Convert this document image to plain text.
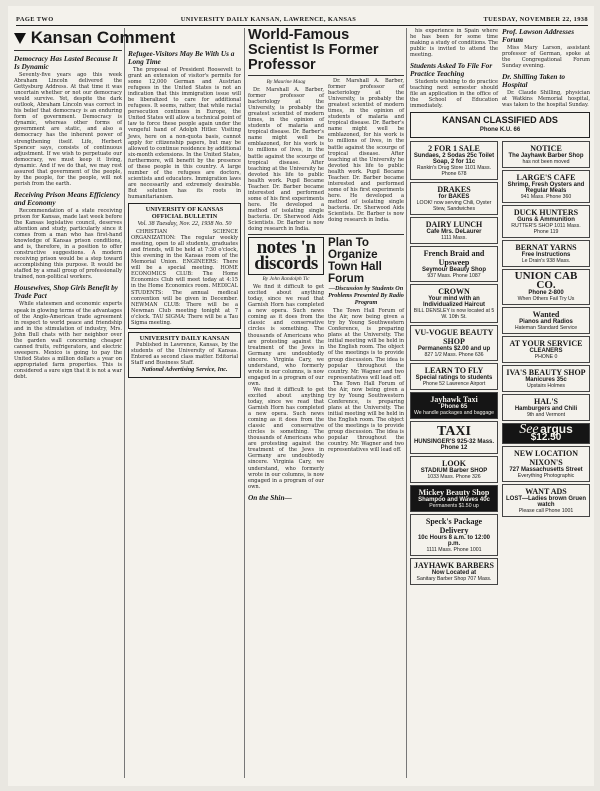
PAGE TWO	UNIVERSITY DAILY KANSAN, LAWRENCE, KANSAS	TUESDAY, NOVEMBER 22, 1938
Kansan Comment
Democracy Has Lasted Because It Is Dynamic

Seventy-five years ago this week Abraham Lincoln delivered the Gettysburg Address. At that time it was uncertain whether or not our democracy would survive. Yet, despite the dark outlook, Abraham Lincoln was correct in his belief that democracy is an enduring form of government. Democracy is dynamic, whereas other forms of government are static, and also a democracy has the inherent power of strengthening itself. Life, Herbert Spencer says, consists of continuous adjustment. If we wish to perpetuate our democracy, we must keep it living, dynamic. And if we do that, we may rest assured that government of the people, by the people, for the people, will not perish from the earth.

Receiving Prison Means Efficiency and Economy

Recommendation of a state receiving prison for Kansas, made last week before the Kansas legislative council, deserves attention and study, particularly since it comes from a man who has first-hand knowledge of Kansas prison conditions, and is, therefore, in a position to offer constructive suggestions. A modern receiving prison would be a step toward accomplishing this purpose. It would be staffed by a small group of professionally trained, non-political workers.

Housewives, Shop Girls Benefit by Trade Pact

While statesmen and economic experts speak in glowing terms of the advantages of the Anglo-American trade agreement in respect to world peace and friendship and in the stimulation of industry, Mrs. John Bull chats with her neighbor over the garden wall concerning cheaper canned fruits, refrigerators, and electric sweepers. Mexico is going to pay the United States a million dollars a year on appropriated farm properties. This is considered a sure sign that it is not a war debt.

Refugee-Visitors May Be With Us a Long Time

The proposal of President Roosevelt to grant an extension of visitor's permits for some 12,000 German and Austrian refugees in the United States is not an indication that this immigration issue will be liberalized to care for additional refugees. It seems, rather, that while racial persecution continues in Europe, the United States will allow a technical point of law to force these people again under the vengeful hand of Adolph Hitler. Visiting Jews, here on a non-quota basis, cannot apply for citizenship papers, but may be allowed to continue residence by additional six-month extensions. In the United States, furthermore, will benefit by the presence of these people in this country. A large number of the refugees are doctors, scientists and educators. Immigration laws are necessarily and extremely desirable. But solution has its roots in humanitarianism.

UNIVERSITY OF KANSAS OFFICIAL BULLETIN
Vol. 38 Tuesday, Nov. 22, 1938 No. 50

CHRISTIAN SCIENCE ORGANIZATION: The regular weekly meeting, open to all students, graduates and friends, will be held at 7:30 o'clock, this evening in the Kansas room of the Memorial Union. ENGINEERS: There will be a special meeting. HOME ECONOMICS CLUB: The Home Economics Club will meet today at 4:15 in the Home Economics room. MEDICAL STUDENTS: The annual medical convention will be given in December. NEWMAN CLUB: There will be a Newman Club meeting tonight at 7 o'clock. TAU SIGMA: There will be a Tau Sigma meeting.

UNIVERSITY DAILY KANSAN

Published in Lawrence, Kansas, by the students of the University of Kansas. Entered as second class matter. Editorial Staff and Business Staff.

National Advertising Service, Inc.
World-Famous Scientist Is Former Professor
By Maurine Maag

Dr. Marshall A. Barber, former professor of bacteriology at the University, is probably the greatest scientist of modern times, in the opinion of students of malaria and tropical disease. Dr. Barber's name might well be emblazoned, for his work is to millions of lives, in the battle against the scourge of tropical disease. After teaching at the University he devoted his life to public health work. Pupil Became Teacher. Dr. Barber became interested and performed some of his first experiments here. He developed a method of isolating single bacteria. Dr. Sherwood Aids Scientists. Dr. Barber is now doing research in India.

Dr. Marshall A. Barber, former professor of bacteriology at the University, is probably the greatest scientist of modern times, in the opinion of students of malaria and tropical disease. Dr. Barber's name might well be emblazoned, for his work is to millions of lives, in the battle against the scourge of tropical disease. After teaching at the University he devoted his life to public health work. Pupil Became Teacher. Dr. Barber became interested and performed some of his first experiments here. He developed a method of isolating single bacteria. Dr. Sherwood Aids Scientists. Dr. Barber is now doing research in India.

notes 'n
discords
By John Randolph Tic

We find it difficult to get excited about anything today, since we read that Garnish Horn has completed a new opera. Such news coming as it does from the classic and conservative circles is something. The thousands of Americans who are protesting against the treatment of the Jews in Germany are undoubtedly sincere. Virginia Cary, we understand, who formerly wrote in our columns, is now engaged in a program of our own.

We find it difficult to get excited about anything today, since we read that Garnish Horn has completed a new opera. Such news coming as it does from the classic and conservative circles is something. The thousands of Americans who are protesting against the treatment of the Jews in Germany are undoubtedly sincere. Virginia Cary, we understand, who formerly wrote in our columns, is now engaged in a program of our own.

On the Shin—
Plan To Organize Town Hall Forum
—Discussion by Students On Problems Presented By Radio Program

The Town Hall Forum of the Air, now being given a try by Young Southwestern Conference, is preparing plans at the University. The initial meeting will be held in the English room. The object of the meetings is to provide group discussion. The idea is popular throughout the country. Mr. Wagner and two representatives will lead off.

The Town Hall Forum of the Air, now being given a try by Young Southwestern Conference, is preparing plans at the University. The initial meeting will be held in the English room. The object of the meetings is to provide group discussion. The idea is popular throughout the country. Mr. Wagner and two representatives will lead off.

his experience in Spain where he has been for some time making a study of conditions. The public is invited to attend the meeting.

Students Asked To File For Practice Teaching

Students wishing to do practice teaching next semester should file an application in the office of the School of Education immediately.

Prof. Lawson Addresses Forum

Miss Mary Larson, assistant professor of German, spoke at the Congregational Forum Sunday evening.

Dr. Shilling Taken to Hospital

Dr. Claude Shilling, physician at Watkins Memorial hospital, was taken to the hospital Sunday.

KANSAN CLASSIFIED ADS
Phone K.U. 66
2 FOR 1 SALE
Sundaes, 2 Sodas 25c Toilet Soap, 2 for 11c
Rankin's Drug Store 1101 Mass. Phone 678
DRAKES
for BAKES
LOOK! now serving Chili, Oyster Stew, Sandwiches
DAIRY LUNCH
Cafe Mrs. DeLaurer
1111 Mass.
French Braid and Upsweep
Seymour Beauty Shop
937 Mass. Phone 1087
CROWN
Your mind with an Individualized Haircut
BILL DENSLEY is now located at 5 W. 10th St.
VU-VOGUE BEAUTY SHOP
Permanents $2.00 and up
827 1/2 Mass. Phone 636
LEARN TO FLY
Special ratings to students
Phone 52 Lawrence Airport
Jayhawk Taxi
Phone 65
We handle packages and baggage
TAXI
HUNSINGER'S 925-32 Mass. Phone 12
LOOK
STADIUM Barber SHOP
1033 Mass. Phone 326
Mickey Beauty Shop
Shampoo and Waves 40c
Permanents $1.50 up
Speck's Package Delivery
10c Hours 8 a.m. to 12:00 p.m.
1111 Mass. Phone 1001
JAYHAWK BARBERS
Now Located at
Sanitary Barber Shop 707 Mass.
NOTICE
The Jayhawk Barber Shop
has not been moved
LARGE'S CAFE
Shrimp, Fresh Oysters and Regular Meals
941 Mass. Phone 360
DUCK HUNTERS
Guns & Ammunition
RUTTER'S SHOP 1011 Mass. Phone 119
BERNAT YARNS
Free Instructions
Le Drain's 938 Mass.
UNION CAB CO.
Phone 2-800
When Others Fail Try Us
Wanted
Pianos and Radios
Hateman Standard Service
AT YOUR SERVICE
CLEANERS
PHONE 0
IVA'S BEAUTY SHOP
Manicures 35c
Upstairs Holmes
HAL'S
Hamburgers and Chili
9th and Vermont
See argus
$12.50
NEW LOCATION NIXON'S
727 Massachusetts Street
Everything Photographic
WANT ADS
LOST—Ladies brown Gruen watch
Please call Phone 1001
